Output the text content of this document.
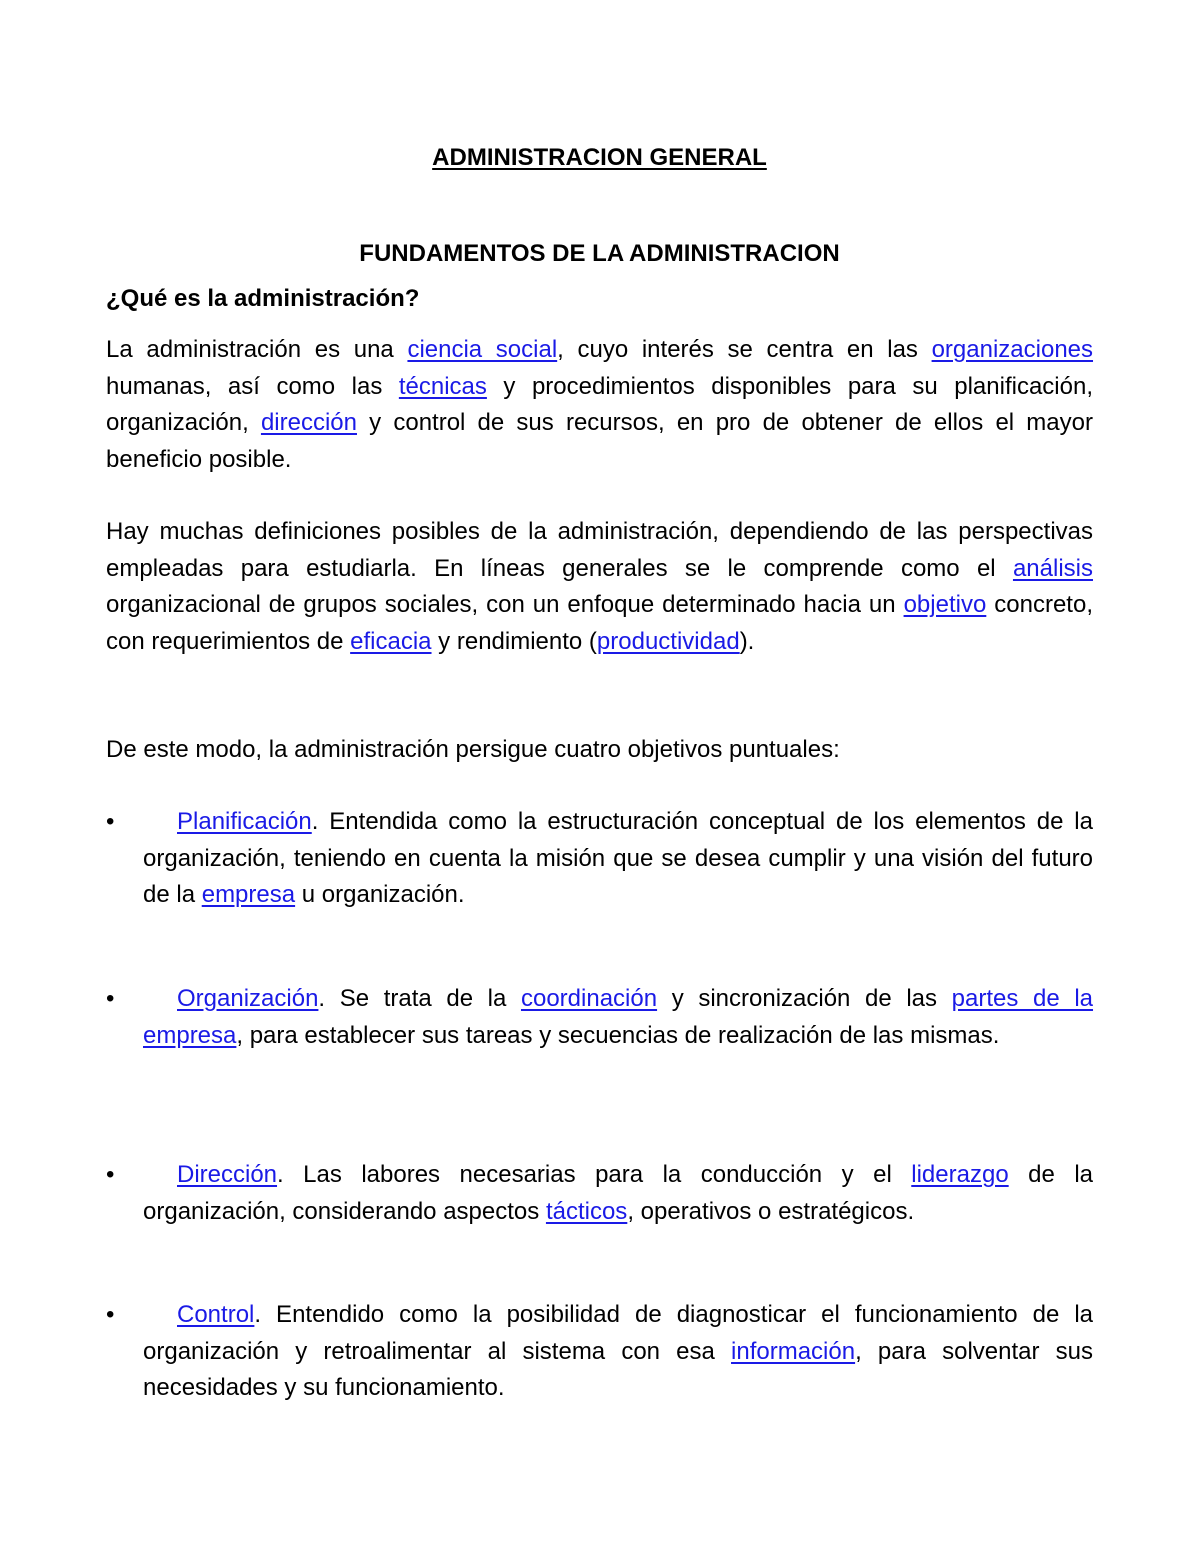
ADMINISTRACION GENERAL
FUNDAMENTOS DE LA ADMINISTRACION
¿Qué es la administración?

La administración es una ciencia social, cuyo interés se centra en las organizaciones humanas, así como las técnicas y procedimientos disponibles para su planificación, organización, dirección y control de sus recursos, en pro de obtener de ellos el mayor beneficio posible.

Hay muchas definiciones posibles de la administración, dependiendo de las perspectivas empleadas para estudiarla. En líneas generales se le comprende como el análisis organizacional de grupos sociales, con un enfoque determinado hacia un objetivo concreto, con requerimientos de eficacia y rendimiento (productividad).

De este modo, la administración persigue cuatro objetivos puntuales:

•	Planificación. Entendida como la estructuración conceptual de los elementos de la organización, teniendo en cuenta la misión que se desea cumplir y una visión del futuro de la empresa u organización.

•	Organización. Se trata de la coordinación y sincronización de las partes de la empresa, para establecer sus tareas y secuencias de realización de las mismas.

•	Dirección. Las labores necesarias para la conducción y el liderazgo de la organización, considerando aspectos tácticos, operativos o estratégicos.

•	Control. Entendido como la posibilidad de diagnosticar el funcionamiento de la organización y retroalimentar al sistema con esa información, para solventar sus necesidades y su funcionamiento.
